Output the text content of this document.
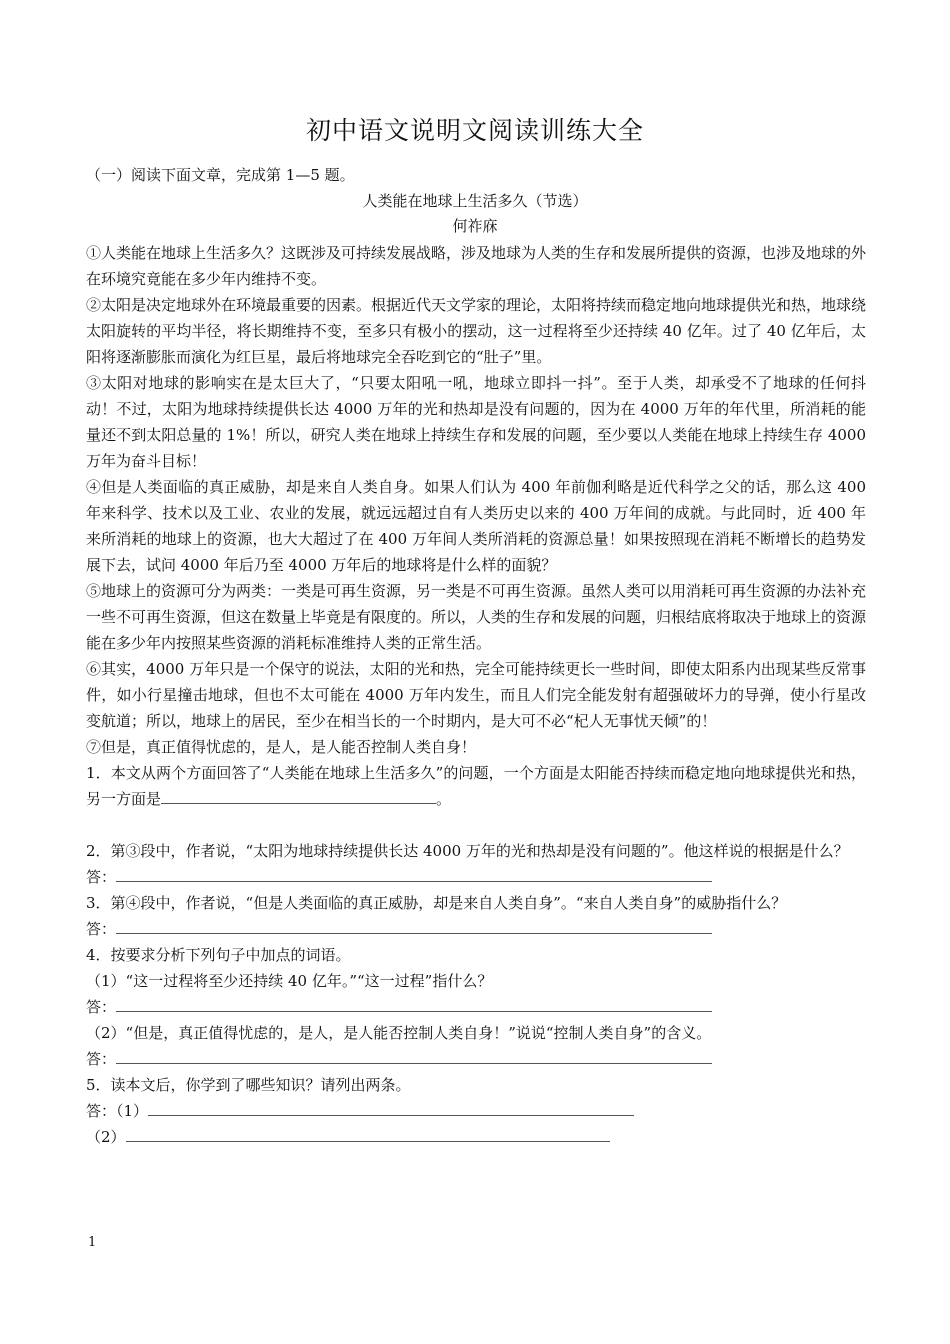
初中语文说明文阅读训练大全
（一）阅读下面文章，完成第 1—5 题。
人类能在地球上生活多久（节选）
何祚庥

①人类能在地球上生活多久？这既涉及可持续发展战略，涉及地球为人类的生存和发展所提供的资源，也涉及地球的外在环境究竟能在多少年内维持不变。

②太阳是决定地球外在环境最重要的因素。根据近代天文学家的理论，太阳将持续而稳定地向地球提供光和热，地球绕太阳旋转的平均半径，将长期维持不变，至多只有极小的摆动，这一过程将至少还持续 40 亿年。过了 40 亿年后，太阳将逐渐膨胀而演化为红巨星，最后将地球完全吞吃到它的“肚子”里。

③太阳对地球的影响实在是太巨大了，“只要太阳吼一吼，地球立即抖一抖”。至于人类，却承受不了地球的任何抖动！不过，太阳为地球持续提供长达 4000 万年的光和热却是没有问题的，因为在 4000 万年的年代里，所消耗的能量还不到太阳总量的 1%！所以，研究人类在地球上持续生存和发展的问题，至少要以人类能在地球上持续生存 4000 万年为奋斗目标！

④但是人类面临的真正威胁，却是来自人类自身。如果人们认为 400 年前伽利略是近代科学之父的话，那么这 400 年来科学、技术以及工业、农业的发展，就远远超过自有人类历史以来的 400 万年间的成就。与此同时，近 400 年来所消耗的地球上的资源，也大大超过了在 400 万年间人类所消耗的资源总量！如果按照现在消耗不断增长的趋势发展下去，试问 4000 年后乃至 4000 万年后的地球将是什么样的面貌？

⑤地球上的资源可分为两类：一类是可再生资源，另一类是不可再生资源。虽然人类可以用消耗可再生资源的办法补充一些不可再生资源，但这在数量上毕竟是有限度的。所以，人类的生存和发展的问题，归根结底将取决于地球上的资源能在多少年内按照某些资源的消耗标准维持人类的正常生活。

⑥其实，4000 万年只是一个保守的说法，太阳的光和热，完全可能持续更长一些时间，即使太阳系内出现某些反常事件，如小行星撞击地球，但也不太可能在 4000 万年内发生，而且人们完全能发射有超强破坏力的导弹，使小行星改变航道；所以，地球上的居民，至少在相当长的一个时期内，是大可不必“杞人无事忧天倾”的！

⑦但是，真正值得忧虑的，是人，是人能否控制人类自身！

1．本文从两个方面回答了“人类能在地球上生活多久”的问题，一个方面是太阳能否持续而稳定地向地球提供光和热，另一方面是	。

2．第③段中，作者说，“太阳为地球持续提供长达 4000 万年的光和热却是没有问题的”。他这样说的根据是什么？

答：

3．第④段中，作者说，“但是人类面临的真正威胁，却是来自人类自身”。“来自人类自身”的威胁指什么？

答：

4．按要求分析下列句子中加点的词语。

（1）“这一过程将至少还持续 40 亿年。”“这一过程”指什么？

答：

（2）“但是，真正值得忧虑的，是人，是人能否控制人类自身！”说说“控制人类自身”的含义。

答：

5．读本文后，你学到了哪些知识？请列出两条。

答：（1）

（2）

1
